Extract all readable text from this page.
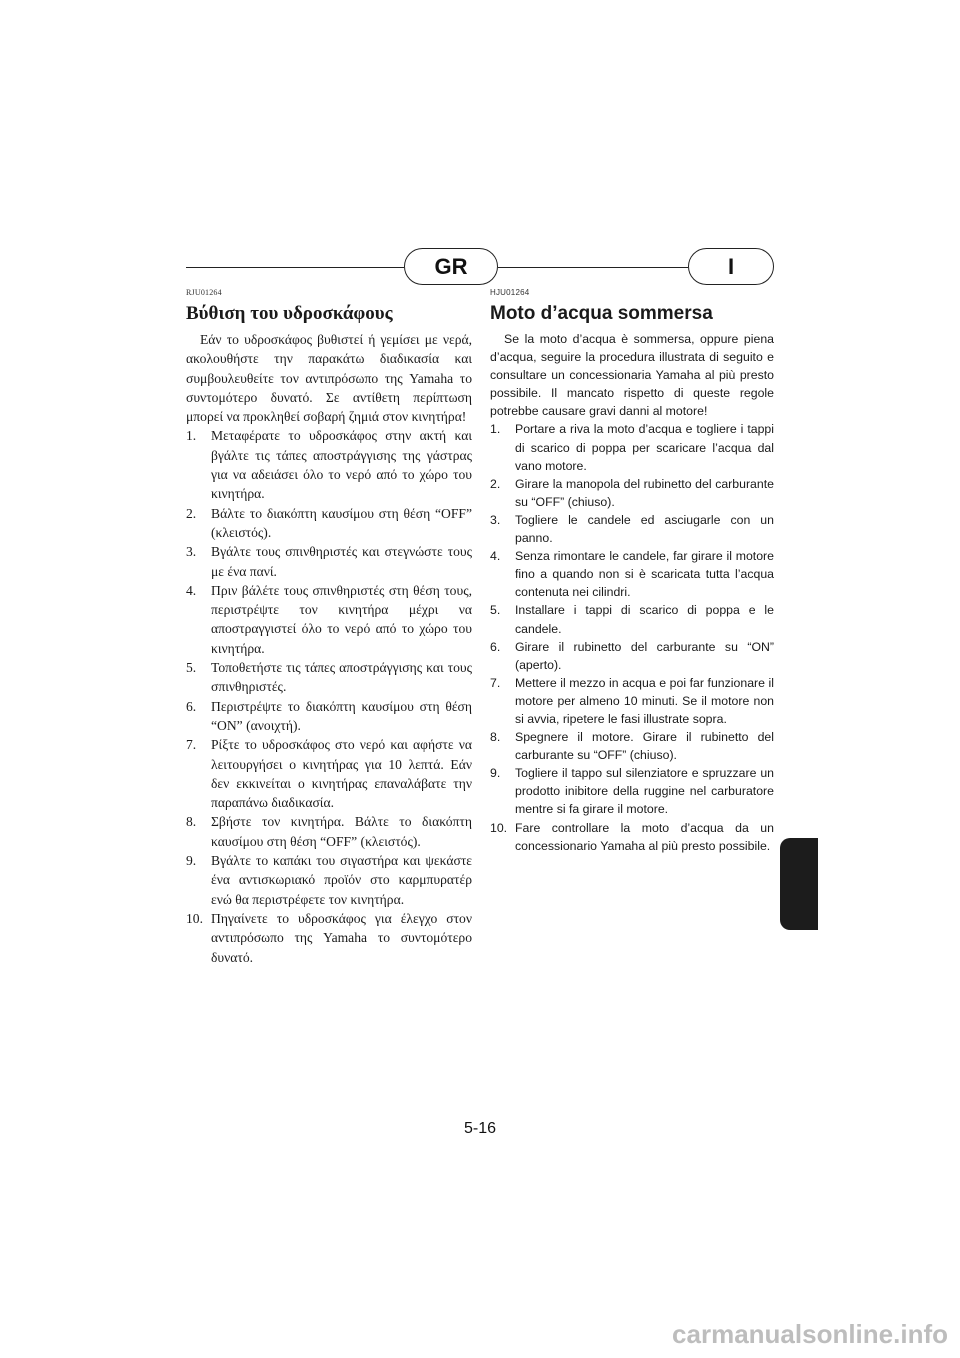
GR	I
RJU01264
Βύθιση του υδροσκάφους

Εάν το υδροσκάφος βυθιστεί ή γεμίσει με νερά, ακολουθήστε την παρακάτω διαδικασία και συμβουλευθείτε τον αντιπρόσωπο της Yamaha το συντομότερο δυνατό. Σε αντίθετη περίπτωση μπορεί να προκληθεί σοβαρή ζημιά στον κινητήρα!

1. Μεταφέρατε το υδροσκάφος στην ακτή και βγάλτε τις τάπες αποστράγγισης της γάστρας για να αδειάσει όλο το νερό από το χώρο του κινητήρα.
2. Βάλτε το διακόπτη καυσίμου στη θέση “OFF” (κλειστός).
3. Βγάλτε τους σπινθηριστές και στεγνώστε τους με ένα πανί.
4. Πριν βάλέτε τους σπινθηριστές στη θέση τους, περιστρέψτε τον κινητήρα μέχρι να αποστραγγιστεί όλο το νερό από το χώρο του κινητήρα.
5. Τοποθετήστε τις τάπες αποστράγγισης και τους σπινθηριστές.
6. Περιστρέψτε το διακόπτη καυσίμου στη θέση “ON” (ανοιχτή).
7. Ρίξτε το υδροσκάφος στο νερό και αφήστε να λειτουργήσει ο κινητήρας για 10 λεπτά. Εάν δεν εκκινείται ο κινητήρας επαναλάβατε την παραπάνω διαδικασία.
8. Σβήστε τον κινητήρα. Βάλτε το διακόπτη καυσίμου στη θέση “OFF” (κλειστός).
9. Βγάλτε το καπάκι του σιγαστήρα και ψεκάστε ένα αντισκωριακό προϊόν στο καρμπυρατέρ ενώ θα περιστρέφετε τον κινητήρα.
10. Πηγαίνετε το υδροσκάφος για έλεγχο στον αντιπρόσωπο της Yamaha το συντομότερο δυνατό.
HJU01264
Moto d’acqua sommersa

Se la moto d’acqua è sommersa, oppure piena d’acqua, seguire la procedura illustrata di seguito e consultare un concessionaria Yamaha al più presto possibile. Il mancato rispetto di queste regole potrebbe causare gravi danni al motore!

1. Portare a riva la moto d’acqua e togliere i tappi di scarico di poppa per scaricare l’acqua dal vano motore.
2. Girare la manopola del rubinetto del carburante su “OFF” (chiuso).
3. Togliere le candele ed asciugarle con un panno.
4. Senza rimontare le candele, far girare il motore fino a quando non si è scaricata tutta l’acqua contenuta nei cilindri.
5. Installare i tappi di scarico di poppa e le candele.
6. Girare il rubinetto del carburante su “ON” (aperto).
7. Mettere il mezzo in acqua e poi far funzionare il motore per almeno 10 minuti. Se il motore non si avvia, ripetere le fasi illustrate sopra.
8. Spegnere il motore. Girare il rubinetto del carburante su “OFF” (chiuso).
9. Togliere il tappo sul silenziatore e spruzzare un prodotto inibitore della ruggine nel carburatore mentre si fa girare il motore.
10. Fare controllare la moto d’acqua da un concessionario Yamaha al più presto possibile.
5-16
carmanualsonline.info
